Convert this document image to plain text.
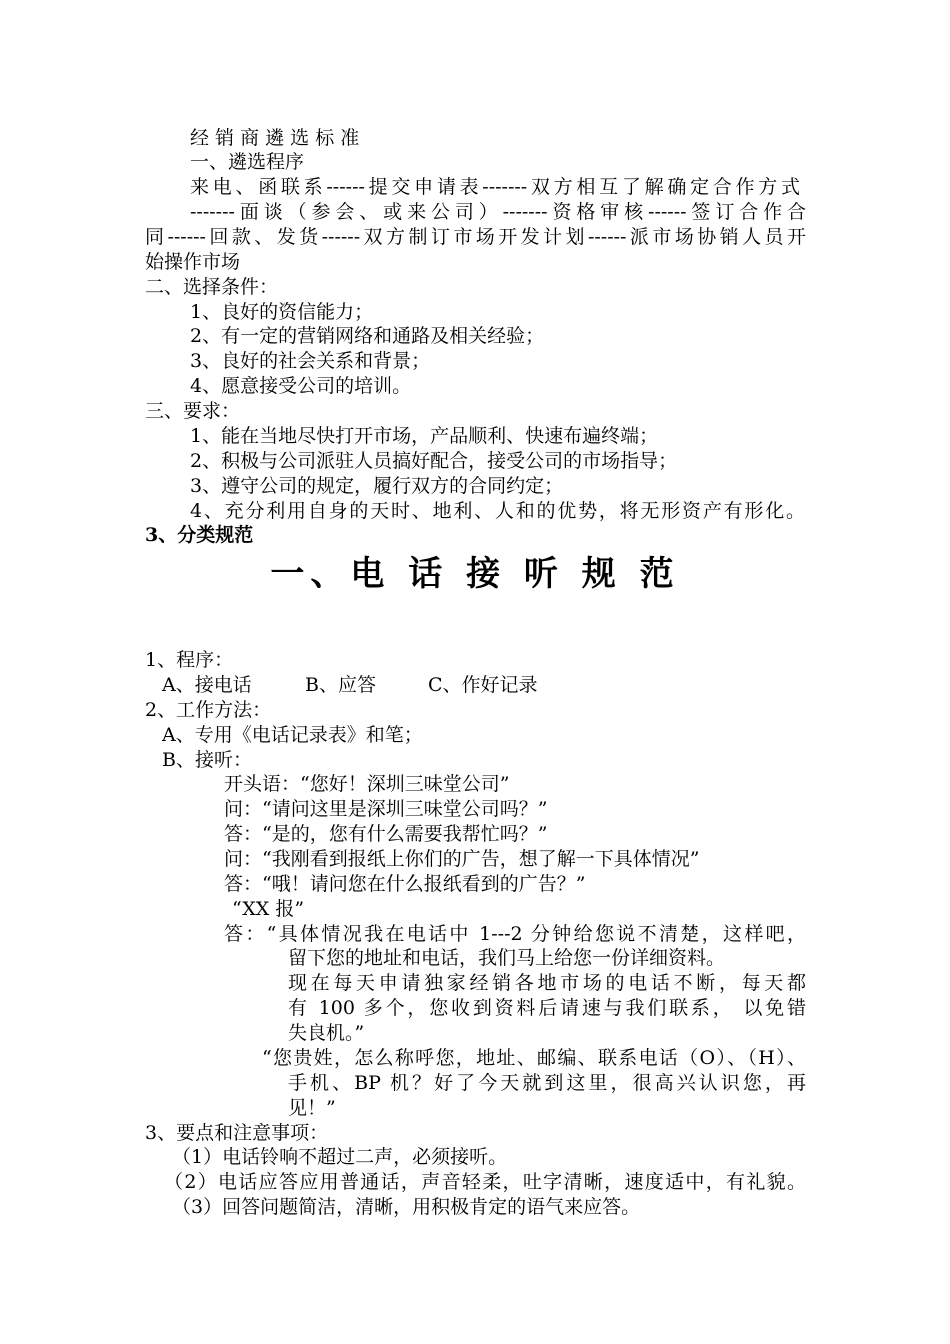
经 销 商 遴 选 标 准
一、遴选程序
来电、函联系------提交申请表-------双方相互了解确定合作方式
-------面谈（参会、或来公司）-------资格审核------签订合作合
同------回款、发货------双方制订市场开发计划------派市场协销人员开
始操作市场
二、选择条件：
1、良好的资信能力；
2、有一定的营销网络和通路及相关经验；
3、良好的社会关系和背景；
4、愿意接受公司的培训。
三、要求：
1、能在当地尽快打开市场，产品顺利、快速布遍终端；
2、积极与公司派驻人员搞好配合，接受公司的市场指导；
3、遵守公司的规定，履行双方的合同约定；
4、充分利用自身的天时、地利、人和的优势，将无形资产有形化。
3、分类规范
一、电 话 接 听 规 范
1、程序：
A、接电话	B、应答	C、作好记录
2、工作方法：
A、专用《电话记录表》和笔；
B、接听：
开头语：“您好！深圳三味堂公司”
问：“请问这里是深圳三味堂公司吗？”
答：“是的，您有什么需要我帮忙吗？”
问：“我刚看到报纸上你们的广告，想了解一下具体情况”
答：“哦！请问您在什么报纸看到的广告？”
“XX 报”
答：“具体情况我在电话中 1---2 分钟给您说不清楚，这样吧，
留下您的地址和电话，我们马上给您一份详细资料。
现在每天申请独家经销各地市场的电话不断，每天都
有 100 多个，您收到资料后请速与我们联系， 以免错
失良机。”
“您贵姓，怎么称呼您，地址、邮编、联系电话（O）、（H）、
手机、BP 机？好了今天就到这里，很高兴认识您，再
见！”
3、要点和注意事项：
（1）电话铃响不超过二声，必须接听。
（2）电话应答应用普通话，声音轻柔，吐字清晰，速度适中，有礼貌。
（3）回答问题简洁，清晰，用积极肯定的语气来应答。
